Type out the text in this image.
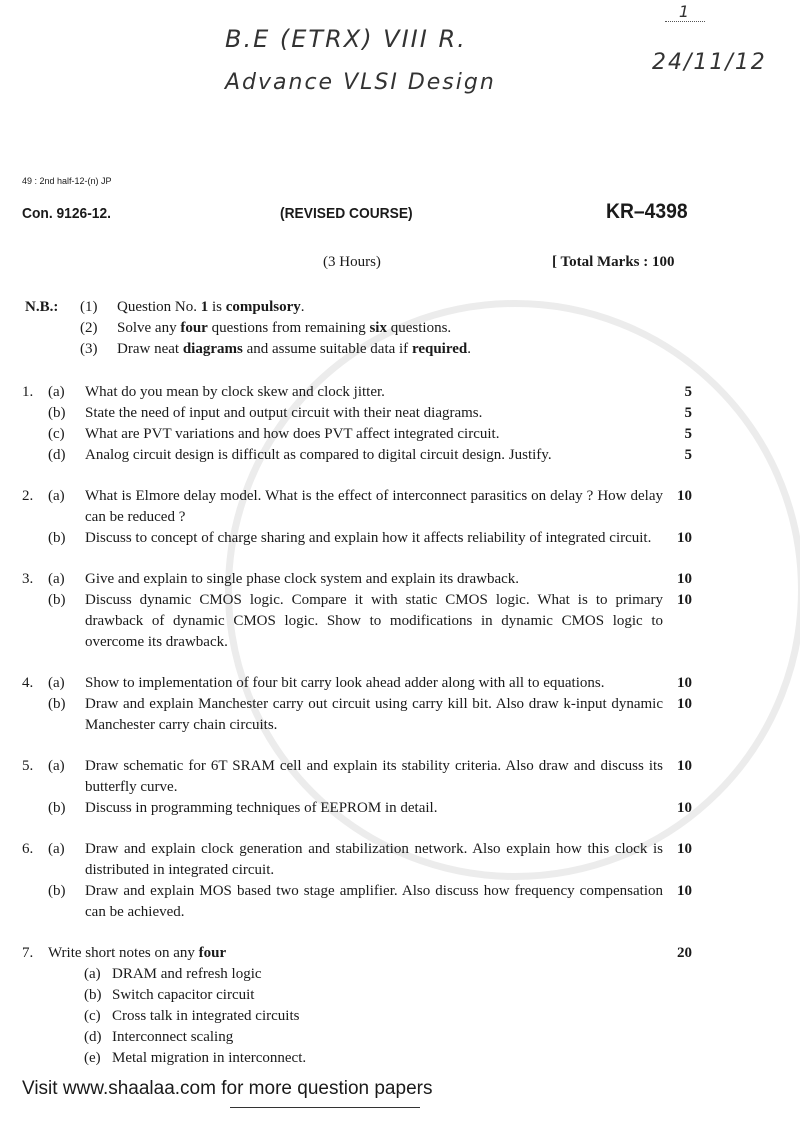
B.E (ETRX) VIII R.
Advance VLSI Design
1
24/11/12
49 : 2nd half-12-(n) JP
Con. 9126-12.	(REVISED COURSE)	KR–4398
(3 Hours)	[ Total Marks : 100
N.B.: (1) Question No. 1 is compulsory.
(2) Solve any four questions from remaining six questions.
(3) Draw neat diagrams and assume suitable data if required.
1. (a) What do you mean by clock skew and clock jitter.	5
(b) State the need of input and output circuit with their neat diagrams.	5
(c) What are PVT variations and how does PVT affect integrated circuit.	5
(d) Analog circuit design is difficult as compared to digital circuit design. Justify.	5
2. (a) What is Elmore delay model. What is the effect of interconnect parasitics on delay ? How delay can be reduced ?
10
(b) Discuss to concept of charge sharing and explain how it affects reliability of integrated circuit.	10
3. (a) Give and explain to single phase clock system and explain its drawback.	10
(b) Discuss dynamic CMOS logic. Compare it with static CMOS logic. What is to primary drawback of dynamic CMOS logic. Show to modifications in dynamic CMOS logic to overcome its drawback.
10
4. (a) Show to implementation of four bit carry look ahead adder along with all to equations.	10
(b) Draw and explain Manchester carry out circuit using carry kill bit. Also draw k-input dynamic Manchester carry chain circuits.
10
5. (a) Draw schematic for 6T SRAM cell and explain its stability criteria. Also draw and discuss its butterfly curve.
10
(b) Discuss in programming techniques of EEPROM in detail.	10
6. (a) Draw and explain clock generation and stabilization network. Also explain how this clock is distributed in integrated circuit.
10
(b) Draw and explain MOS based two stage amplifier. Also discuss how frequency compensation can be achieved.
10
7. Write short notes on any four	20
(a) DRAM and refresh logic
(b) Switch capacitor circuit
(c) Cross talk in integrated circuits
(d) Interconnect scaling
(e) Metal migration in interconnect.
Visit www.shaalaa.com for more question papers
